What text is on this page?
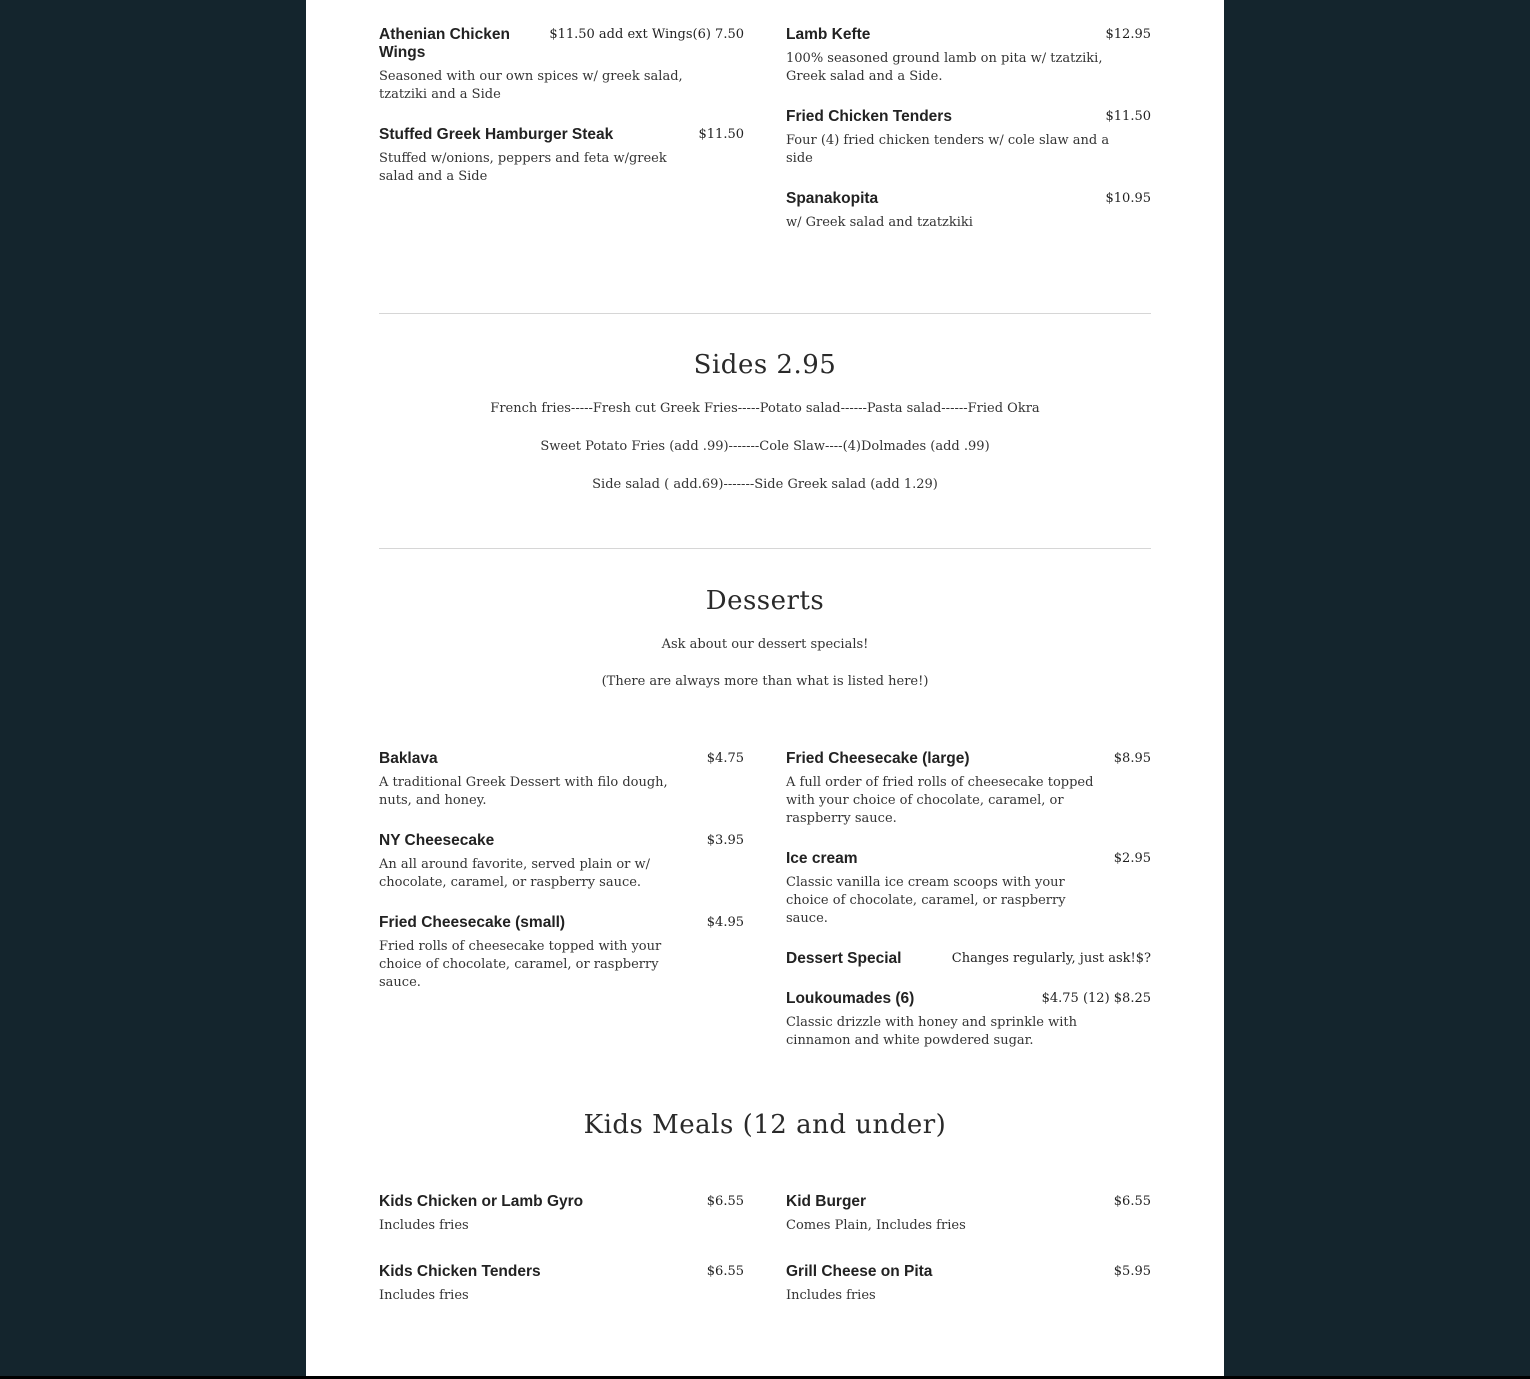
Athenian Chicken Wings
$11.50 add ext Wings(6) 7.50
Seasoned with our own spices w/ greek salad, tzatziki and a Side
Stuffed Greek Hamburger Steak	$11.50
Stuffed w/onions, peppers and feta w/greek salad and a Side
Lamb Kefte	$12.95
100% seasoned ground lamb on pita w/ tzatziki, Greek salad and a Side.
Fried Chicken Tenders	$11.50
Four (4) fried chicken tenders w/ cole slaw and a side
Spanakopita	$10.95
w/ Greek salad and tzatzkiki
Sides 2.95
French fries-----Fresh cut Greek Fries-----Potato salad------Pasta salad------Fried Okra
Sweet Potato Fries (add .99)-------Cole Slaw----(4)Dolmades (add .99)
Side salad ( add.69)-------Side Greek salad (add 1.29)
Desserts
Ask about our dessert specials!
(There are always more than what is listed here!)
Baklava	$4.75
A traditional Greek Dessert with filo dough, nuts, and honey.
NY Cheesecake	$3.95
An all around favorite, served plain or w/ chocolate, caramel, or raspberry sauce.
Fried Cheesecake (small)	$4.95
Fried rolls of cheesecake topped with your choice of chocolate, caramel, or raspberry sauce.
Fried Cheesecake (large)	$8.95
A full order of fried rolls of cheesecake topped with your choice of chocolate, caramel, or raspberry sauce.
Ice cream	$2.95
Classic vanilla ice cream scoops with your choice of chocolate, caramel, or raspberry sauce.
Dessert Special	Changes regularly, just ask!$?
Loukoumades (6)	$4.75 (12) $8.25
Classic drizzle with honey and sprinkle with cinnamon and white powdered sugar.
Kids Meals (12 and under)
Kids Chicken or Lamb Gyro	$6.55
Includes fries
Kids Chicken Tenders	$6.55
Includes fries
Kid Burger	$6.55
Comes Plain, Includes fries
Grill Cheese on Pita	$5.95
Includes fries
